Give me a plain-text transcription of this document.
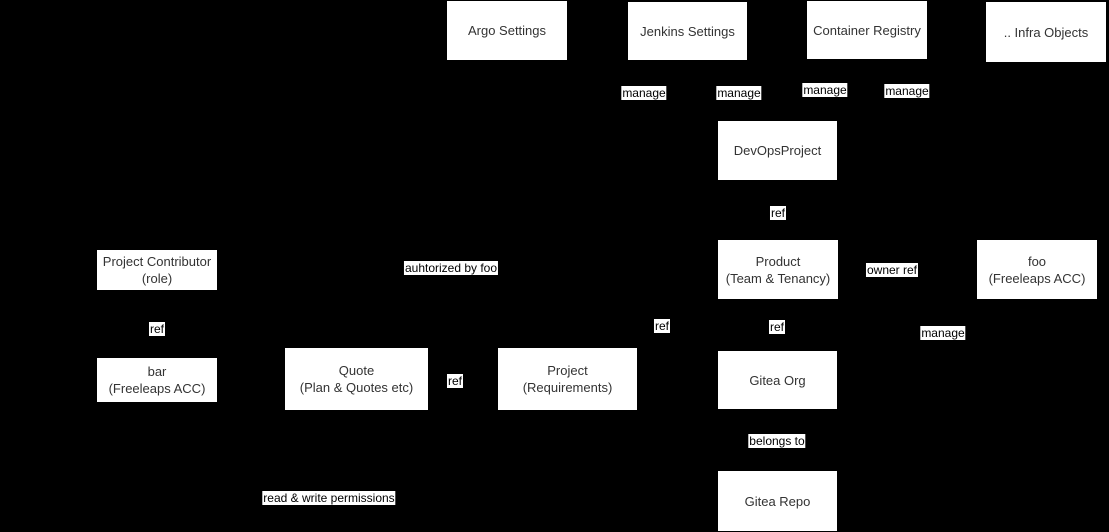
Argo Settings	Jenkins Settings	Container Registry	.. Infra Objects
DevOpsProject
Product
(Team & Tenancy)
foo
(Freeleaps ACC)
Project Contributor
(role)
bar
(Freeleaps ACC)
Quote
(Plan & Quotes etc)
Project
(Requirements)	Gitea Org
Gitea Repo
manage	manage	manage	manage
ref
auhtorized by foo	owner ref
ref	ref	ref	manage
ref
belongs to
read & write permissions
